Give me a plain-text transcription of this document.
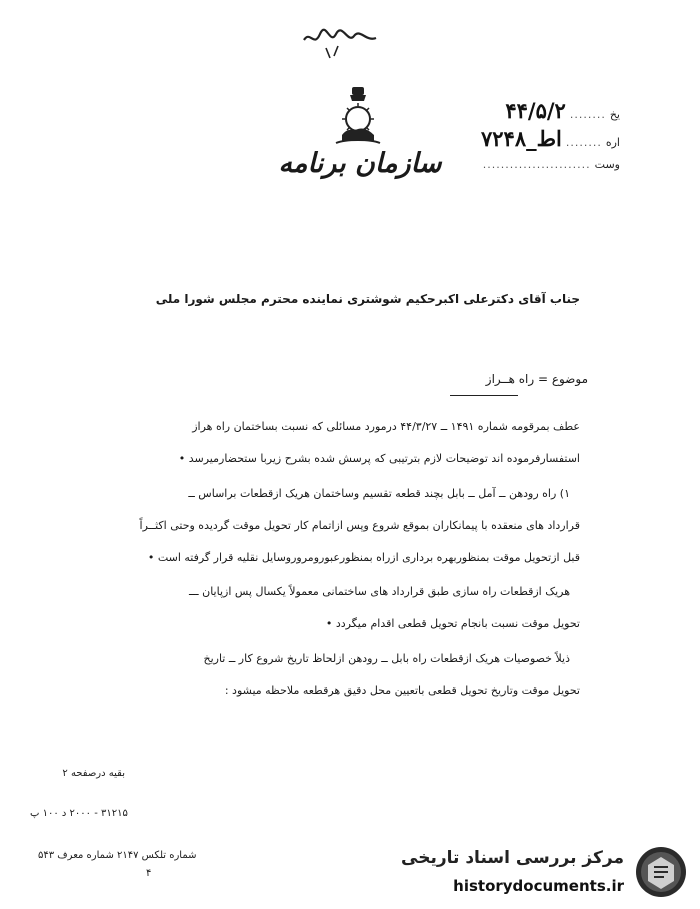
سازمان برنامه
یخ
........
۴۴/۵/۲
اره
........
۷۲۴۸_اط
وست
........................
جناب آقای دکترعلی اکبرحکیم شوشتری نماینده محترم مجلس شورا ملی
موضوع = راه هــراز
عطف بمرقومه شماره ۱۴۹۱ ــ ۴۴/۳/۲۷ درمورد مسائلی که نسبت بساختمان راه هراز
استفسارفرموده اند توضیحات لازم بترتیبی که پرسش شده بشرح زیربا ستحضارمیرسد •
۱) راه رودهن ــ آمل ــ بابل بچند قطعه تقسیم وساختمان هریک ازقطعات براساس ــ
قرارداد های منعقده با پیمانکاران بموقع شروع وپس ازاتمام کار تحویل موقت گردیده وحتی اکثــراً
قبل ازتحویل موقت بمنظوربهره برداری ازراه بمنظورعبورومروروسایل نقلیه قرار گرفته است •
هریک ازقطعات راه سازی طبق قرارداد های ساختمانی معمولاً یکسال پس ازپایان ـــ
تحویل موقت نسبت بانجام تحویل قطعی اقدام میگردد •
ذیلاً خصوصیات هریک ازقطعات راه بابل ــ رودهن ازلحاظ تاریخ شروع کار ــ تاریخ
تحویل موقت وتاریخ تحویل قطعی باتعیین محل دقیق هرقطعه ملاحظه میشود :
بقیه درصفحه ۲
۳۱۲۱۵ - ۲۰۰۰ د ۱۰۰ پ
شماره تلکس ۲۱۴۷ شماره معرف ۵۴۳
۴
مرکز بررسی اسناد تاریخی
historydocuments.ir
